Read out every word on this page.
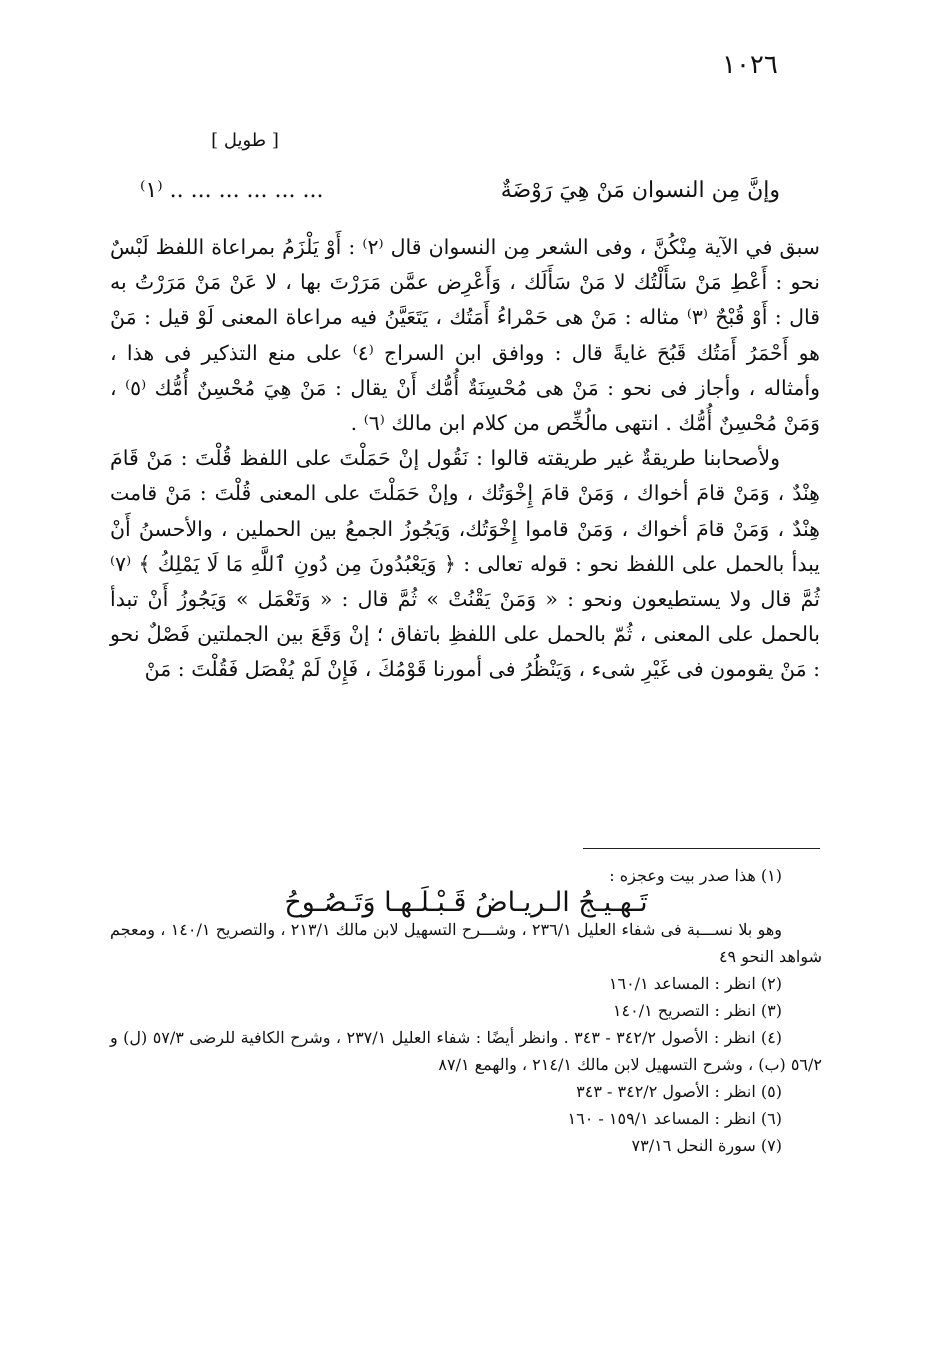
١٠٢٦
[ طويل ]
وإنَّ مِن النسوان مَنْ هِيَ رَوْضَةٌ
... ... ... ... ... .. ⁽١⁾

سبق في الآية مِنْكُنَّ ، وفى الشعر مِن النسوان قال ⁽٢⁾ : أَوْ يَلْزَمُ بمراعاة اللفظ لَبْسٌ نحو : أَعْطِ مَنْ سَأَلْتُك لا مَنْ سَأَلَك ، وَأَعْرِض عمَّن مَرَرْتَ بها ، لا عَنْ مَنْ مَرَرْتُ به قال : أَوْ قُبْحٌ ⁽٣⁾ مثاله : مَنْ هى حَمْراءُ أَمَتُك ، يَتَعَيَّنُ فيه مراعاة المعنى لَوْ قيل : مَنْ هو أَحْمَرُ أَمَتُك قَبُحَ غايةً قال : ووافق ابن السراج ⁽٤⁾ على منع التذكير فى هذا ، وأمثاله ، وأجاز فى نحو : مَنْ هى مُحْسِنَةٌ أُمُّك أَنْ يقال : مَنْ هِيَ مُحْسِنٌ أُمُّك ⁽٥⁾ ، وَمَنْ مُحْسِنٌ أُمُّك . انتهى مالُخِّص من كلام ابن مالك ⁽٦⁾ .

ولأصحابنا طريقةٌ غير طريقته قالوا : نَقُول إنْ حَمَلْتَ على اللفظ قُلْتَ : مَنْ قَامَ هِنْدٌ ، وَمَنْ قامَ أخواك ، وَمَنْ قامَ إِخْوَتُك ، وإنْ حَمَلْتَ على المعنى قُلْتَ : مَنْ قامت هِنْدٌ ، وَمَنْ قامَ أخواك ، وَمَنْ قاموا إِخْوَتُك، وَيَجُوزُ الجمعُ بين الحملين ، والأحسنُ أَنْ يبدأ بالحمل على اللفظ نحو : قوله تعالى : ﴿ وَيَعْبُدُونَ مِن دُونِ ٱللَّهِ مَا لَا يَمْلِكُ ﴾ ⁽٧⁾ ثُمَّ قال ولا يستطيعون ونحو : « وَمَنْ يَقْنُتْ » ثُمَّ قال : « وَتَعْمَل » وَيَجُوزُ أَنْ تبدأ بالحمل على المعنى ، ثُمّ بالحمل على اللفظِ باتفاق ؛ إنْ وَقَعَ بين الجملتين فَصْلٌ نحو : مَنْ يقومون فى غَيْرِ شىء ، وَيَنْظُرُ فى أمورنا قَوْمُكَ ، فَإِنْ لَمْ يُفْصَل فَقُلْتَ : مَنْ

(١) هذا صدر بيت وعجزه :

تَـهـيـجُ الـريـاضُ قَـبْـلَـهـا وَتَـصُـوحُ

وهو بلا نســـبة فى شفاء العليل ٢٣٦/١ ، وشـــرح التسهيل لابن مالك ٢١٣/١ ، والتصريح ١٤٠/١ ، ومعجم شواهد النحو ٤٩

(٢) انظر : المساعد ١٦٠/١

(٣) انظر : التصريح ١٤٠/١

(٤) انظر : الأصول ٣٤٢/٢ - ٣٤٣ . وانظر أيضًا : شفاء العليل ٢٣٧/١ ، وشرح الكافية للرضى ٥٧/٣ (ل) و ٥٦/٢ (ب) ، وشرح التسهيل لابن مالك ٢١٤/١ ، والهمع ٨٧/١

(٥) انظر : الأصول ٣٤٢/٢ - ٣٤٣

(٦) انظر : المساعد ١٥٩/١ - ١٦٠

(٧) سورة النحل ٧٣/١٦
